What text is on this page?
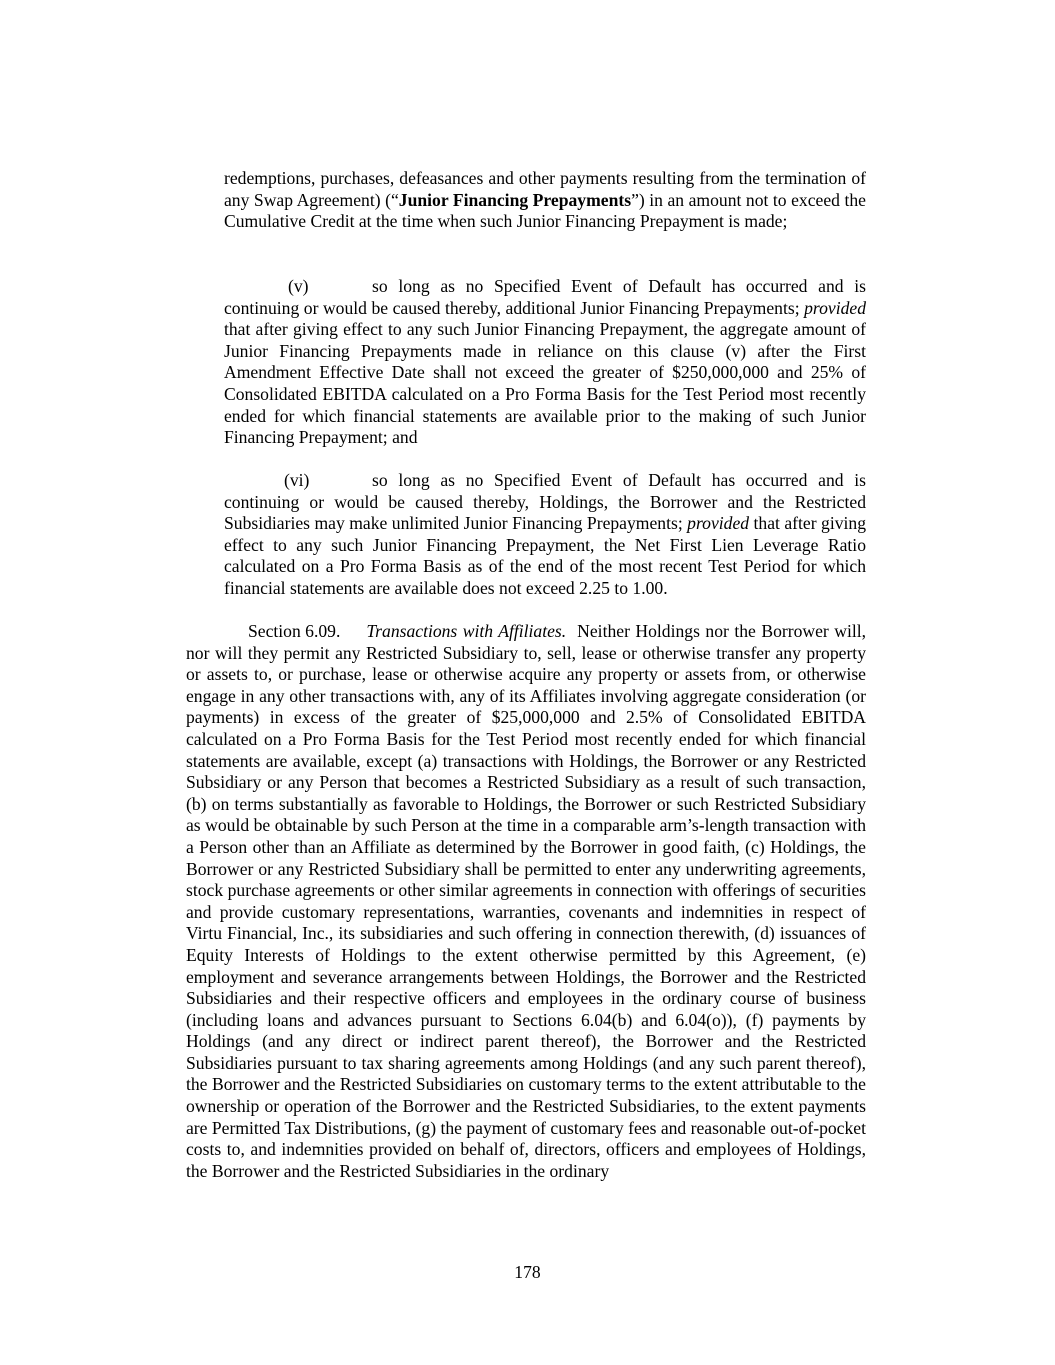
redemptions, purchases, defeasances and other payments resulting from the termination of any Swap Agreement) (“Junior Financing Prepayments”) in an amount not to exceed the Cumulative Credit at the time when such Junior Financing Prepayment is made;

(v)	so long as no Specified Event of Default has occurred and is continuing or would be caused thereby, additional Junior Financing Prepayments; provided that after giving effect to any such Junior Financing Prepayment, the aggregate amount of Junior Financing Prepayments made in reliance on this clause (v) after the First Amendment Effective Date shall not exceed the greater of $250,000,000 and 25% of Consolidated EBITDA calculated on a Pro Forma Basis for the Test Period most recently ended for which financial statements are available prior to the making of such Junior Financing Prepayment; and

(vi)	so long as no Specified Event of Default has occurred and is continuing or would be caused thereby, Holdings, the Borrower and the Restricted Subsidiaries may make unlimited Junior Financing Prepayments; provided that after giving effect to any such Junior Financing Prepayment, the Net First Lien Leverage Ratio calculated on a Pro Forma Basis as of the end of the most recent Test Period for which financial statements are available does not exceed 2.25 to 1.00.

Section 6.09. Transactions with Affiliates. Neither Holdings nor the Borrower will, nor will they permit any Restricted Subsidiary to, sell, lease or otherwise transfer any property or assets to, or purchase, lease or otherwise acquire any property or assets from, or otherwise engage in any other transactions with, any of its Affiliates involving aggregate consideration (or payments) in excess of the greater of $25,000,000 and 2.5% of Consolidated EBITDA calculated on a Pro Forma Basis for the Test Period most recently ended for which financial statements are available, except (a) transactions with Holdings, the Borrower or any Restricted Subsidiary or any Person that becomes a Restricted Subsidiary as a result of such transaction, (b) on terms substantially as favorable to Holdings, the Borrower or such Restricted Subsidiary as would be obtainable by such Person at the time in a comparable arm’s-length transaction with a Person other than an Affiliate as determined by the Borrower in good faith, (c) Holdings, the Borrower or any Restricted Subsidiary shall be permitted to enter any underwriting agreements, stock purchase agreements or other similar agreements in connection with offerings of securities and provide customary representations, warranties, covenants and indemnities in respect of Virtu Financial, Inc., its subsidiaries and such offering in connection therewith, (d) issuances of Equity Interests of Holdings to the extent otherwise permitted by this Agreement, (e) employment and severance arrangements between Holdings, the Borrower and the Restricted Subsidiaries and their respective officers and employees in the ordinary course of business (including loans and advances pursuant to Sections 6.04(b) and 6.04(o)), (f) payments by Holdings (and any direct or indirect parent thereof), the Borrower and the Restricted Subsidiaries pursuant to tax sharing agreements among Holdings (and any such parent thereof), the Borrower and the Restricted Subsidiaries on customary terms to the extent attributable to the ownership or operation of the Borrower and the Restricted Subsidiaries, to the extent payments are Permitted Tax Distributions, (g) the payment of customary fees and reasonable out-of-pocket costs to, and indemnities provided on behalf of, directors, officers and employees of Holdings, the Borrower and the Restricted Subsidiaries in the ordinary

178
